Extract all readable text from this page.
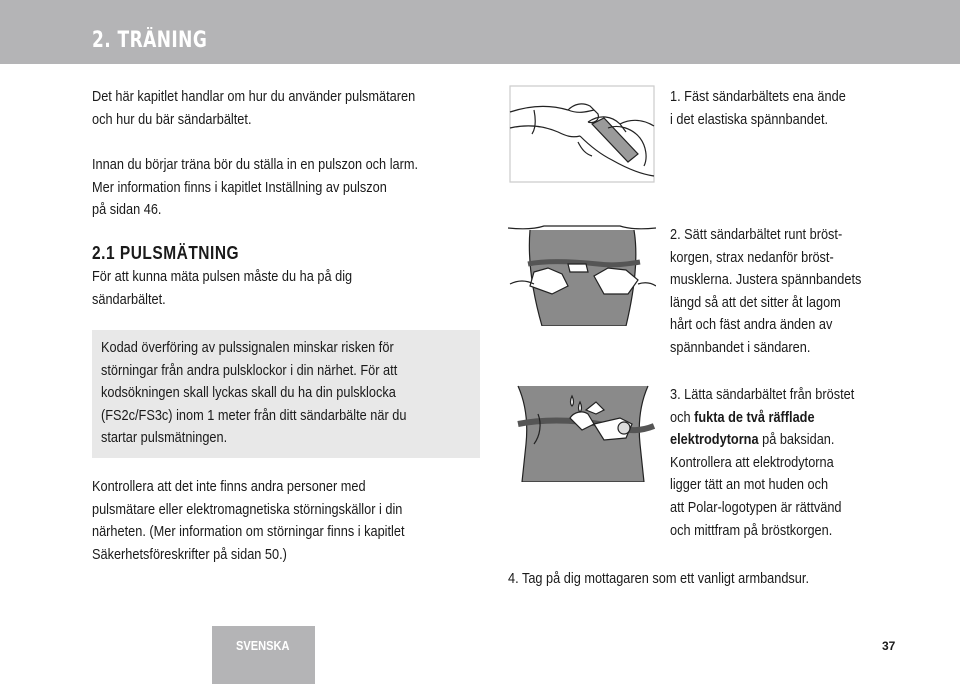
2. TRÄNING
Det här kapitlet handlar om hur du använder pulsmätaren
och hur du bär sändarbältet.
Innan du börjar träna bör du ställa in en pulszon och larm.
Mer information finns i kapitlet Inställning av pulszon
på sidan 46.
2.1 PULSMÄTNING
För att kunna mäta pulsen måste du ha på dig
sändarbältet.
Kodad överföring av pulssignalen minskar risken för
störningar från andra pulsklockor i din närhet. För att
kodsökningen skall lyckas skall du ha din pulsklocka
(FS2c/FS3c) inom 1 meter från ditt sändarbälte när du
startar pulsmätningen.
Kontrollera att det inte finns andra personer med
pulsmätare eller elektromagnetiska störningskällor i din
närheten. (Mer information om störningar finns i kapitlet
Säkerhetsföreskrifter på sidan 50.)
1. Fäst sändarbältets ena ände
i det elastiska spännbandet.
2. Sätt sändarbältet runt bröst-
korgen, strax nedanför bröst-
musklerna. Justera spännbandets
längd så att det sitter åt lagom
hårt och fäst andra änden av
spännbandet i sändaren.
3. Lätta sändarbältet från bröstet
och fukta de två räfflade
elektrodytorna på baksidan.
Kontrollera att elektrodytorna
ligger tätt an mot huden och
att Polar-logotypen är rättvänd
och mittfram på bröstkorgen.
4. Tag på dig mottagaren som ett vanligt armbandsur.
SVENSKA	37
